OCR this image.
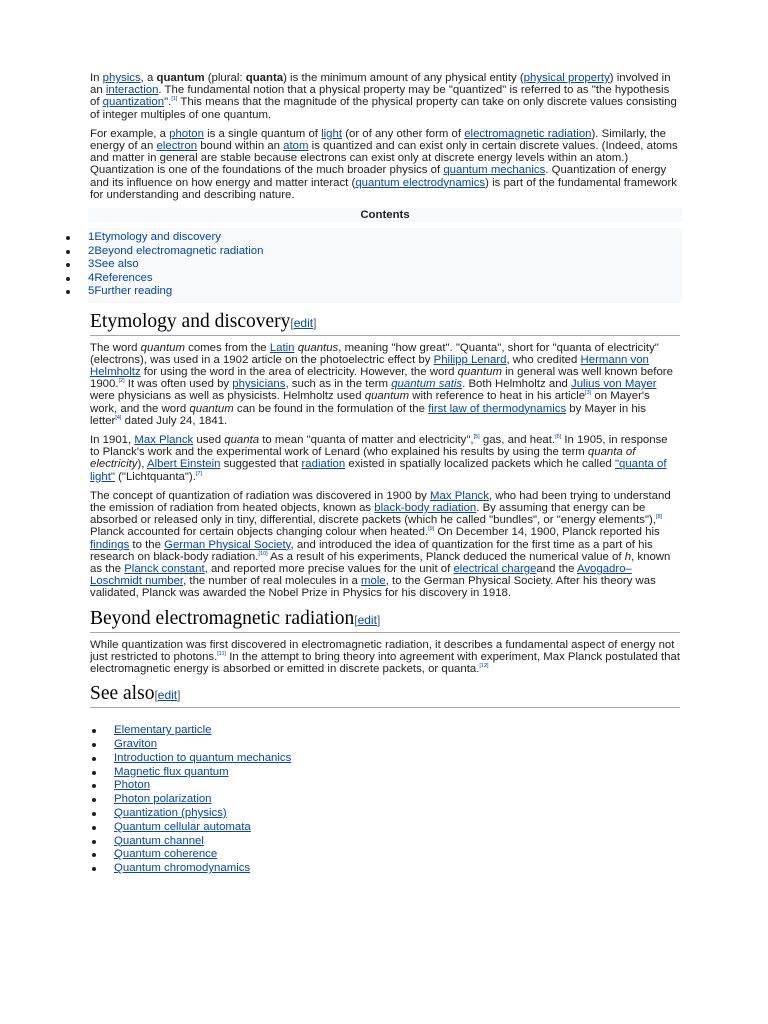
In physics, a quantum (plural: quanta) is the minimum amount of any physical entity (physical property) involved in an interaction. The fundamental notion that a physical property may be "quantized" is referred to as "the hypothesis of quantization".[1] This means that the magnitude of the physical property can take on only discrete values consisting of integer multiples of one quantum.

For example, a photon is a single quantum of light (or of any other form of electromagnetic radiation). Similarly, the energy of an electron bound within an atom is quantized and can exist only in certain discrete values. (Indeed, atoms and matter in general are stable because electrons can exist only at discrete energy levels within an atom.) Quantization is one of the foundations of the much broader physics of quantum mechanics. Quantization of energy and its influence on how energy and matter interact (quantum electrodynamics) is part of the fundamental framework for understanding and describing nature.

Contents
1Etymology and discovery
2Beyond electromagnetic radiation
3See also
4References
5Further reading
Etymology and discovery[edit]

The word quantum comes from the Latin quantus, meaning "how great". "Quanta", short for "quanta of electricity" (electrons), was used in a 1902 article on the photoelectric effect by Philipp Lenard, who credited Hermann von Helmholtz for using the word in the area of electricity. However, the word quantum in general was well known before 1900.[2] It was often used by physicians, such as in the term quantum satis. Both Helmholtz and Julius von Mayer were physicians as well as physicists. Helmholtz used quantum with reference to heat in his article[3] on Mayer's work, and the word quantum can be found in the formulation of the first law of thermodynamics by Mayer in his letter[4] dated July 24, 1841.

In 1901, Max Planck used quanta to mean "quanta of matter and electricity",[5] gas, and heat.[6] In 1905, in response to Planck's work and the experimental work of Lenard (who explained his results by using the term quanta of electricity), Albert Einstein suggested that radiation existed in spatially localized packets which he called "quanta of light" ("Lichtquanta").[7]

The concept of quantization of radiation was discovered in 1900 by Max Planck, who had been trying to understand the emission of radiation from heated objects, known as black-body radiation. By assuming that energy can be absorbed or released only in tiny, differential, discrete packets (which he called "bundles", or "energy elements"),[8] Planck accounted for certain objects changing colour when heated.[9] On December 14, 1900, Planck reported his findings to the German Physical Society, and introduced the idea of quantization for the first time as a part of his research on black-body radiation.[10] As a result of his experiments, Planck deduced the numerical value of h, known as the Planck constant, and reported more precise values for the unit of electrical chargeand the Avogadro–Loschmidt number, the number of real molecules in a mole, to the German Physical Society. After his theory was validated, Planck was awarded the Nobel Prize in Physics for his discovery in 1918.

Beyond electromagnetic radiation[edit]

While quantization was first discovered in electromagnetic radiation, it describes a fundamental aspect of energy not just restricted to photons.[11] In the attempt to bring theory into agreement with experiment, Max Planck postulated that electromagnetic energy is absorbed or emitted in discrete packets, or quanta.[12]

See also[edit]
Elementary particle
Graviton
Introduction to quantum mechanics
Magnetic flux quantum
Photon
Photon polarization
Quantization (physics)
Quantum cellular automata
Quantum channel
Quantum coherence
Quantum chromodynamics
